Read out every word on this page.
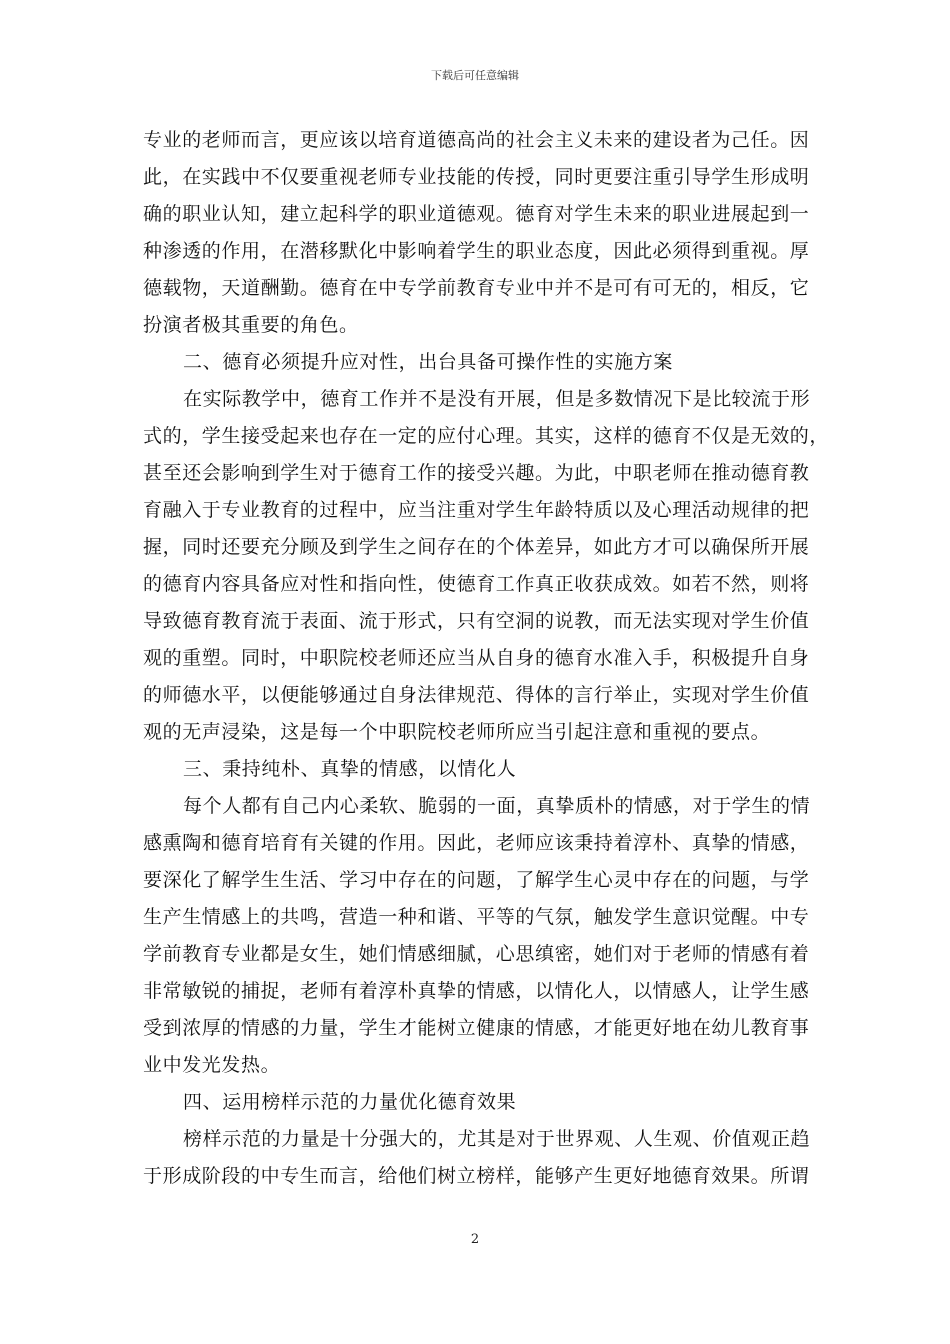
下载后可任意编辑
专业的老师而言，更应该以培育道德高尚的社会主义未来的建设者为己任。因
此，在实践中不仅要重视老师专业技能的传授，同时更要注重引导学生形成明
确的职业认知，建立起科学的职业道德观。德育对学生未来的职业进展起到一
种渗透的作用，在潜移默化中影响着学生的职业态度，因此必须得到重视。厚
德载物，天道酬勤。德育在中专学前教育专业中并不是可有可无的，相反，它
扮演者极其重要的角色。
二、德育必须提升应对性，出台具备可操作性的实施方案
在实际教学中，德育工作并不是没有开展，但是多数情况下是比较流于形
式的，学生接受起来也存在一定的应付心理。其实，这样的德育不仅是无效的，
甚至还会影响到学生对于德育工作的接受兴趣。为此，中职老师在推动德育教
育融入于专业教育的过程中，应当注重对学生年龄特质以及心理活动规律的把
握，同时还要充分顾及到学生之间存在的个体差异，如此方才可以确保所开展
的德育内容具备应对性和指向性，使德育工作真正收获成效。如若不然，则将
导致德育教育流于表面、流于形式，只有空洞的说教，而无法实现对学生价值
观的重塑。同时，中职院校老师还应当从自身的德育水准入手，积极提升自身
的师德水平，以便能够通过自身法律规范、得体的言行举止，实现对学生价值
观的无声浸染，这是每一个中职院校老师所应当引起注意和重视的要点。
三、秉持纯朴、真挚的情感，以情化人
每个人都有自己内心柔软、脆弱的一面，真挚质朴的情感，对于学生的情
感熏陶和德育培育有关键的作用。因此，老师应该秉持着淳朴、真挚的情感，
要深化了解学生生活、学习中存在的问题，了解学生心灵中存在的问题，与学
生产生情感上的共鸣，营造一种和谐、平等的气氛，触发学生意识觉醒。中专
学前教育专业都是女生，她们情感细腻，心思缜密，她们对于老师的情感有着
非常敏锐的捕捉，老师有着淳朴真挚的情感，以情化人，以情感人，让学生感
受到浓厚的情感的力量，学生才能树立健康的情感，才能更好地在幼儿教育事
业中发光发热。
四、运用榜样示范的力量优化德育效果
榜样示范的力量是十分强大的，尤其是对于世界观、人生观、价值观正趋
于形成阶段的中专生而言，给他们树立榜样，能够产生更好地德育效果。所谓
2
